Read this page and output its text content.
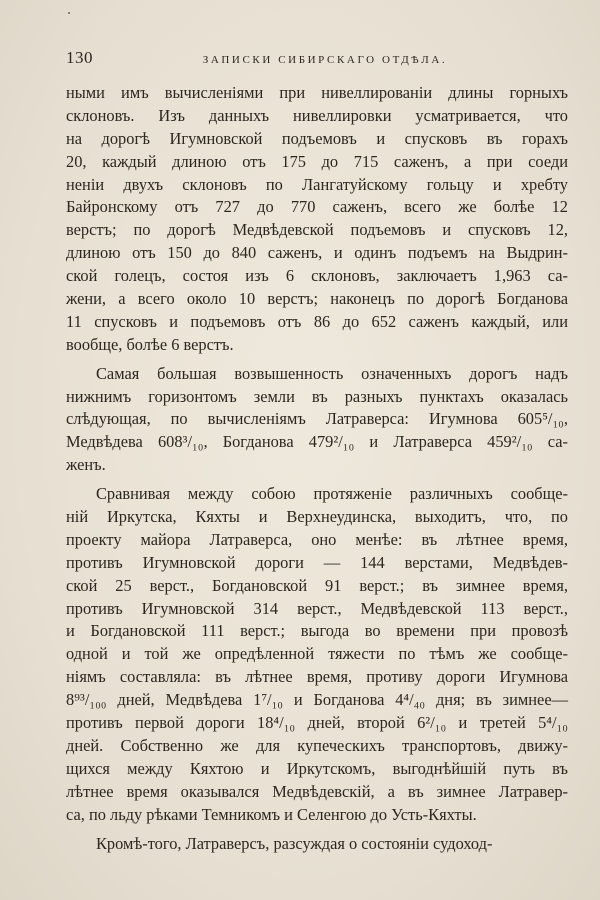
130	ЗАПИСКИ СИБИРСКАГО ОТДѢЛА.
ными имъ вычисленіями при нивеллированіи длины горныхъ
склоновъ. Изъ данныхъ нивеллировки усматривается, что
на дорогѣ Игумновской подъемовъ и спусковъ въ горахъ
20, каждый длиною отъ 175 до 715 саженъ, а при соеди
неніи двухъ склоновъ по Лангатуйскому гольцу и хребту
Байронскому отъ 727 до 770 саженъ, всего же болѣе 12
верстъ; по дорогѣ Медвѣдевской подъемовъ и спусковъ 12,
длиною отъ 150 до 840 саженъ, и одинъ подъемъ на Выдрин-
ской голецъ, состоя изъ 6 склоновъ, заключаетъ 1,963 са-
жени, а всего около 10 верстъ; наконецъ по дорогѣ Богданова
11 спусковъ и подъемовъ отъ 86 до 652 саженъ каждый, или
вообще, болѣе 6 верстъ.
Самая большая возвышенность означенныхъ дорогъ надъ
нижнимъ горизонтомъ земли въ разныхъ пунктахъ оказалась
слѣдующая, по вычисленіямъ Латраверса: Игумнова 605⁵/₁₀,
Медвѣдева 608³/₁₀, Богданова 479²/₁₀ и Латраверса 459²/₁₀ са-
женъ.
Сравнивая между собою протяженіе различныхъ сообще-
ній Иркутска, Кяхты и Верхнеудинска, выходитъ, что, по
проекту майора Латраверса, оно менѣе: въ лѣтнее время,
противъ Игумновской дороги — 144 верстами, Медвѣдев-
ской 25 верст., Богдановской 91 верст.; въ зимнее время,
противъ Игумновской 314 верст., Медвѣдевской 113 верст.,
и Богдановской 111 верст.; выгода во времени при провозѣ
одной и той же опредѣленной тяжести по тѣмъ же сообще-
ніямъ составляла: въ лѣтнее время, противу дороги Игумнова
8⁹³/₁₀₀ дней, Медвѣдева 1⁷/₁₀ и Богданова 4⁴/₄₀ дня; въ зимнее—
противъ первой дороги 18⁴/₁₀ дней, второй 6²/₁₀ и третей 5⁴/₁₀
дней. Собственно же для купеческихъ транспортовъ, движу-
щихся между Кяхтою и Иркутскомъ, выгоднѣйшій путь въ
лѣтнее время оказывался Медвѣдевскій, а въ зимнее Латравер-
са, по льду рѣками Темникомъ и Селенгою до Усть-Кяхты.
Кромѣ-того, Латраверсъ, разсуждая о состояніи судоход-
